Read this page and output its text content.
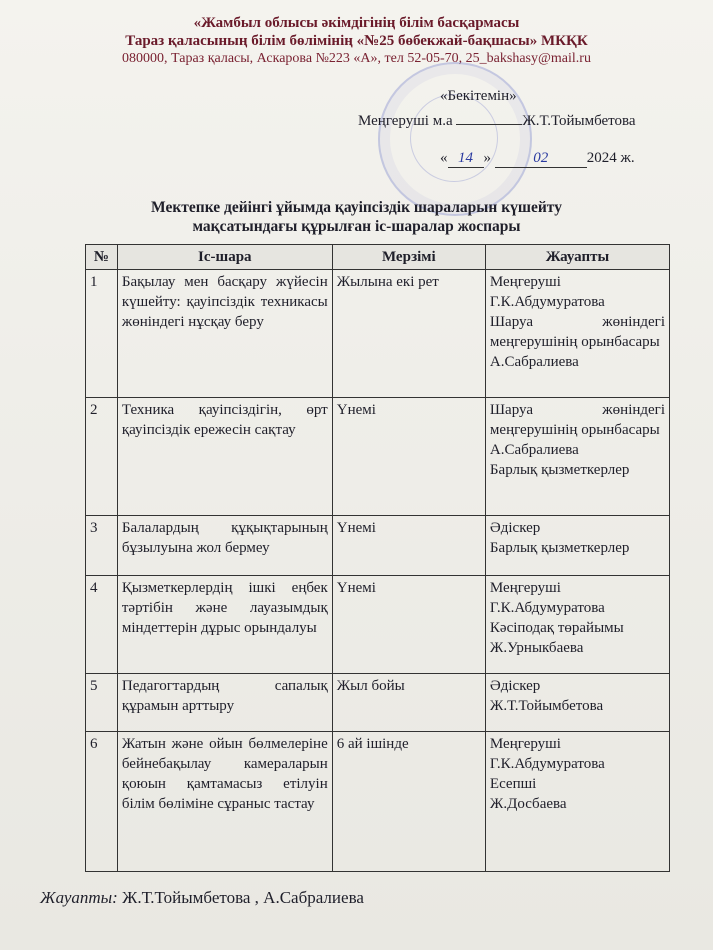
«Жамбыл облысы әкімдігінің білім басқармасы
Тараз қаласының білім бөлімінің «№25 бөбекжай-бақшасы» МКҚК
080000, Тараз қаласы, Аскарова №223 «А», тел 52-05-70, 25_bakshasy@mail.ru
«Бекітемін»
Меңгеруші м.а	Ж.Т.Тойымбетова
« 14 »	02	2024 ж.
Мектепке дейінгі ұйымда қауіпсіздік шараларын күшейту
мақсатындағы құрылған іс-шаралар жоспары
№	Іс-шара	Мерзімі	Жауапты
1	Бақылау мен басқару жүйесін күшейту: қауіпсіздік техникасы жөніндегі нұсқау беру	Жылына екі рет	Меңгеруші
Г.К.Абдумуратова
Шаруа жөніндегі меңгерушінің орынбасары
А.Сабралиева

2	Техника қауіпсіздігін, өрт қауіпсіздік ережесін сақтау	Үнемі	Шаруа жөніндегі меңгерушінің орынбасары
А.Сабралиева
Барлық қызметкерлер

3	Балалардың құқықтарының бұзылуына жол бермеу	Үнемі	Әдіскер
Барлық қызметкерлер

4	Қызметкерлердің ішкі еңбек тәртібін және лауазымдық міндеттерін дұрыс орындалуы	Үнемі	Меңгеруші
Г.К.Абдумуратова
Кәсіподақ төрайымы
Ж.Урныкбаева

5	Педагогтардың сапалық құрамын арттыру	Жыл бойы	Әдіскер
Ж.Т.Тойымбетова

6	Жатын және ойын бөлмелеріне бейнебақылау камераларын қоюын қамтамасыз етілуін білім бөліміне сұраныс тастау	6 ай ішінде	Меңгеруші
Г.К.Абдумуратова
Есепші
Ж.Досбаева
Жауапты: Ж.Т.Тойымбетова , А.Сабралиева
